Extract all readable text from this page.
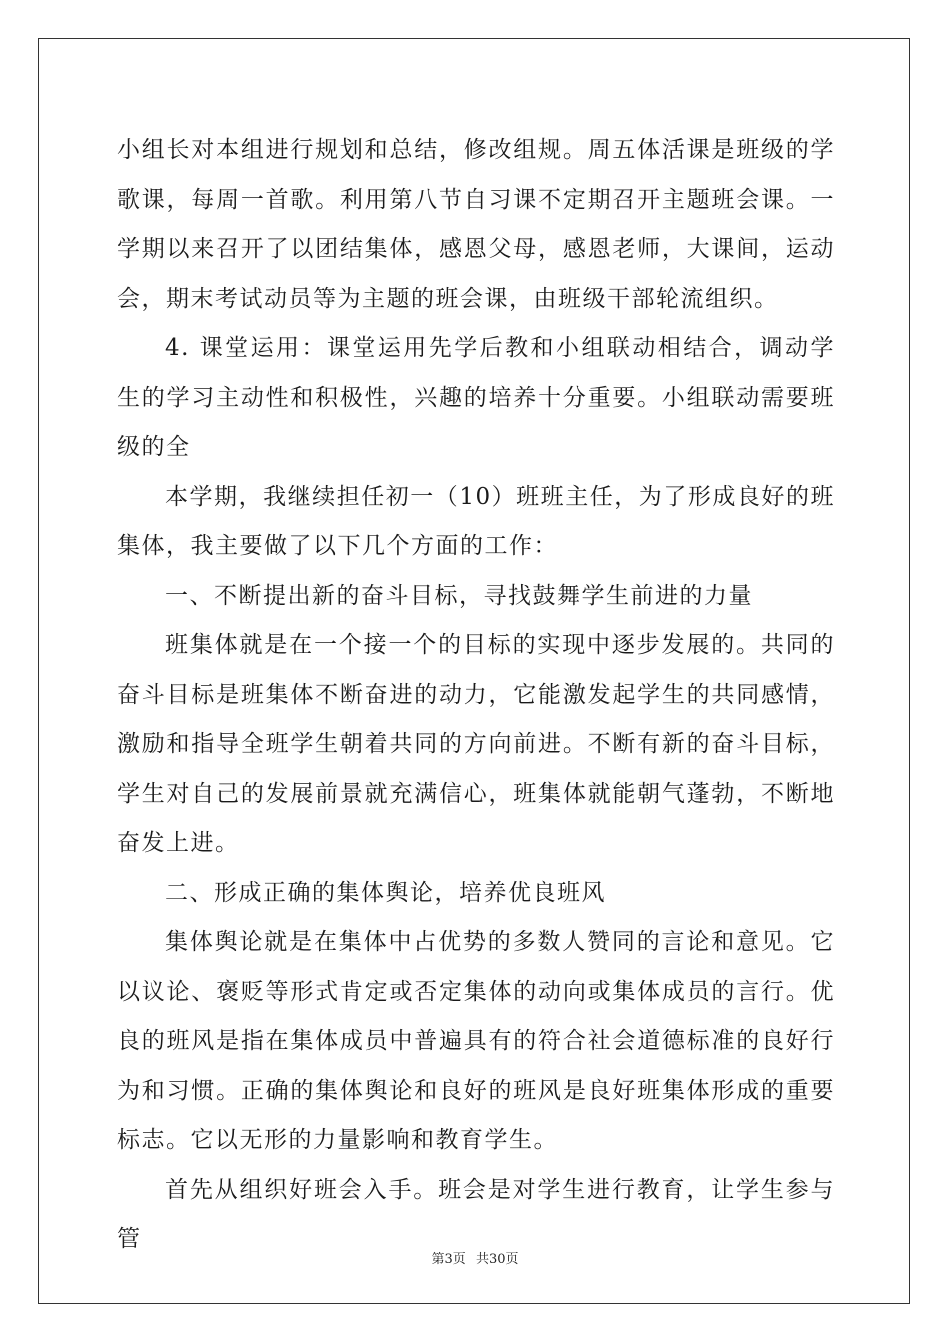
小组长对本组进行规划和总结，修改组规。周五体活课是班级的学歌课，每周一首歌。利用第八节自习课不定期召开主题班会课。一学期以来召开了以团结集体，感恩父母，感恩老师，大课间，运动会，期末考试动员等为主题的班会课，由班级干部轮流组织。

4. 课堂运用：课堂运用先学后教和小组联动相结合，调动学生的学习主动性和积极性，兴趣的培养十分重要。小组联动需要班级的全

本学期，我继续担任初一（10）班班主任，为了形成良好的班集体，我主要做了以下几个方面的工作：

一、不断提出新的奋斗目标，寻找鼓舞学生前进的力量

班集体就是在一个接一个的目标的实现中逐步发展的。共同的奋斗目标是班集体不断奋进的动力，它能激发起学生的共同感情，激励和指导全班学生朝着共同的方向前进。不断有新的奋斗目标，学生对自己的发展前景就充满信心，班集体就能朝气蓬勃，不断地奋发上进。

二、形成正确的集体舆论，培养优良班风

集体舆论就是在集体中占优势的多数人赞同的言论和意见。它以议论、褒贬等形式肯定或否定集体的动向或集体成员的言行。优良的班风是指在集体成员中普遍具有的符合社会道德标准的良好行为和习惯。正确的集体舆论和良好的班风是良好班集体形成的重要标志。它以无形的力量影响和教育学生。

首先从组织好班会入手。班会是对学生进行教育，让学生参与管

第3页 共30页
